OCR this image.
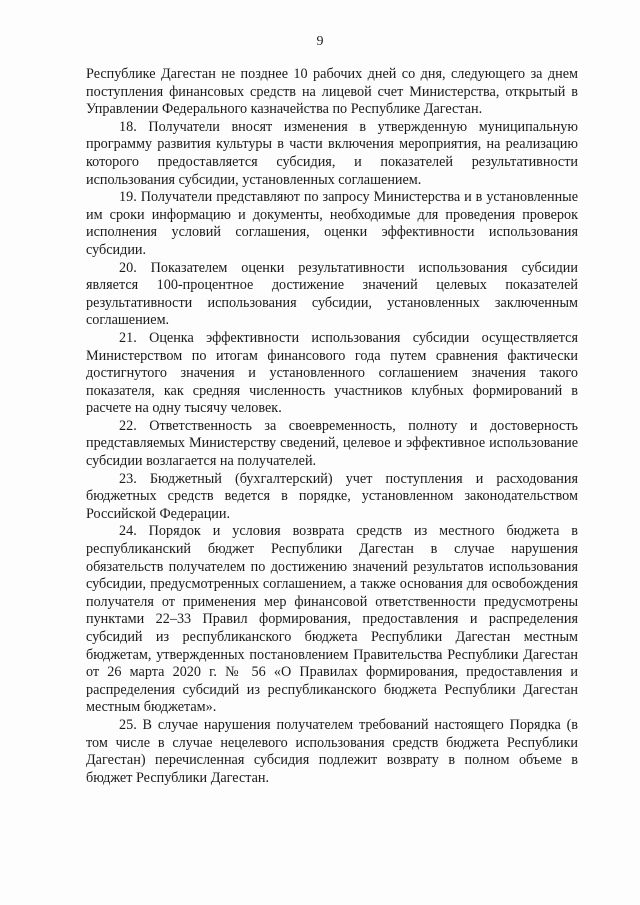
9

Республике Дагестан не позднее 10 рабочих дней со дня, следующего за днем поступления финансовых средств на лицевой счет Министерства, открытый в Управлении Федерального казначейства по Республике Дагестан.

18. Получатели вносят изменения в утвержденную муниципальную программу развития культуры в части включения мероприятия, на реализацию которого предоставляется субсидия, и показателей результативности использования субсидии, установленных соглашением.

19. Получатели представляют по запросу Министерства и в установленные им сроки информацию и документы, необходимые для проведения проверок исполнения условий соглашения, оценки эффективности использования субсидии.

20. Показателем оценки результативности использования субсидии является 100-процентное достижение значений целевых показателей результативности использования субсидии, установленных заключенным соглашением.

21. Оценка эффективности использования субсидии осуществляется Министерством по итогам финансового года путем сравнения фактически достигнутого значения и установленного соглашением значения такого показателя, как средняя численность участников клубных формирований в расчете на одну тысячу человек.

22. Ответственность за своевременность, полноту и достоверность представляемых Министерству сведений, целевое и эффективное использование субсидии возлагается на получателей.

23. Бюджетный (бухгалтерский) учет поступления и расходования бюджетных средств ведется в порядке, установленном законодательством Российской Федерации.

24. Порядок и условия возврата средств из местного бюджета в республиканский бюджет Республики Дагестан в случае нарушения обязательств получателем по достижению значений результатов использования субсидии, предусмотренных соглашением, а также основания для освобождения получателя от применения мер финансовой ответственности предусмотрены пунктами 22–33 Правил формирования, предоставления и распределения субсидий из республиканского бюджета Республики Дагестан местным бюджетам, утвержденных постановлением Правительства Республики Дагестан от 26 марта 2020 г. № 56 «О Правилах формирования, предоставления и распределения субсидий из республиканского бюджета Республики Дагестан местным бюджетам».

25. В случае нарушения получателем требований настоящего Порядка (в том числе в случае нецелевого использования средств бюджета Республики Дагестан) перечисленная субсидия подлежит возврату в полном объеме в бюджет Республики Дагестан.
